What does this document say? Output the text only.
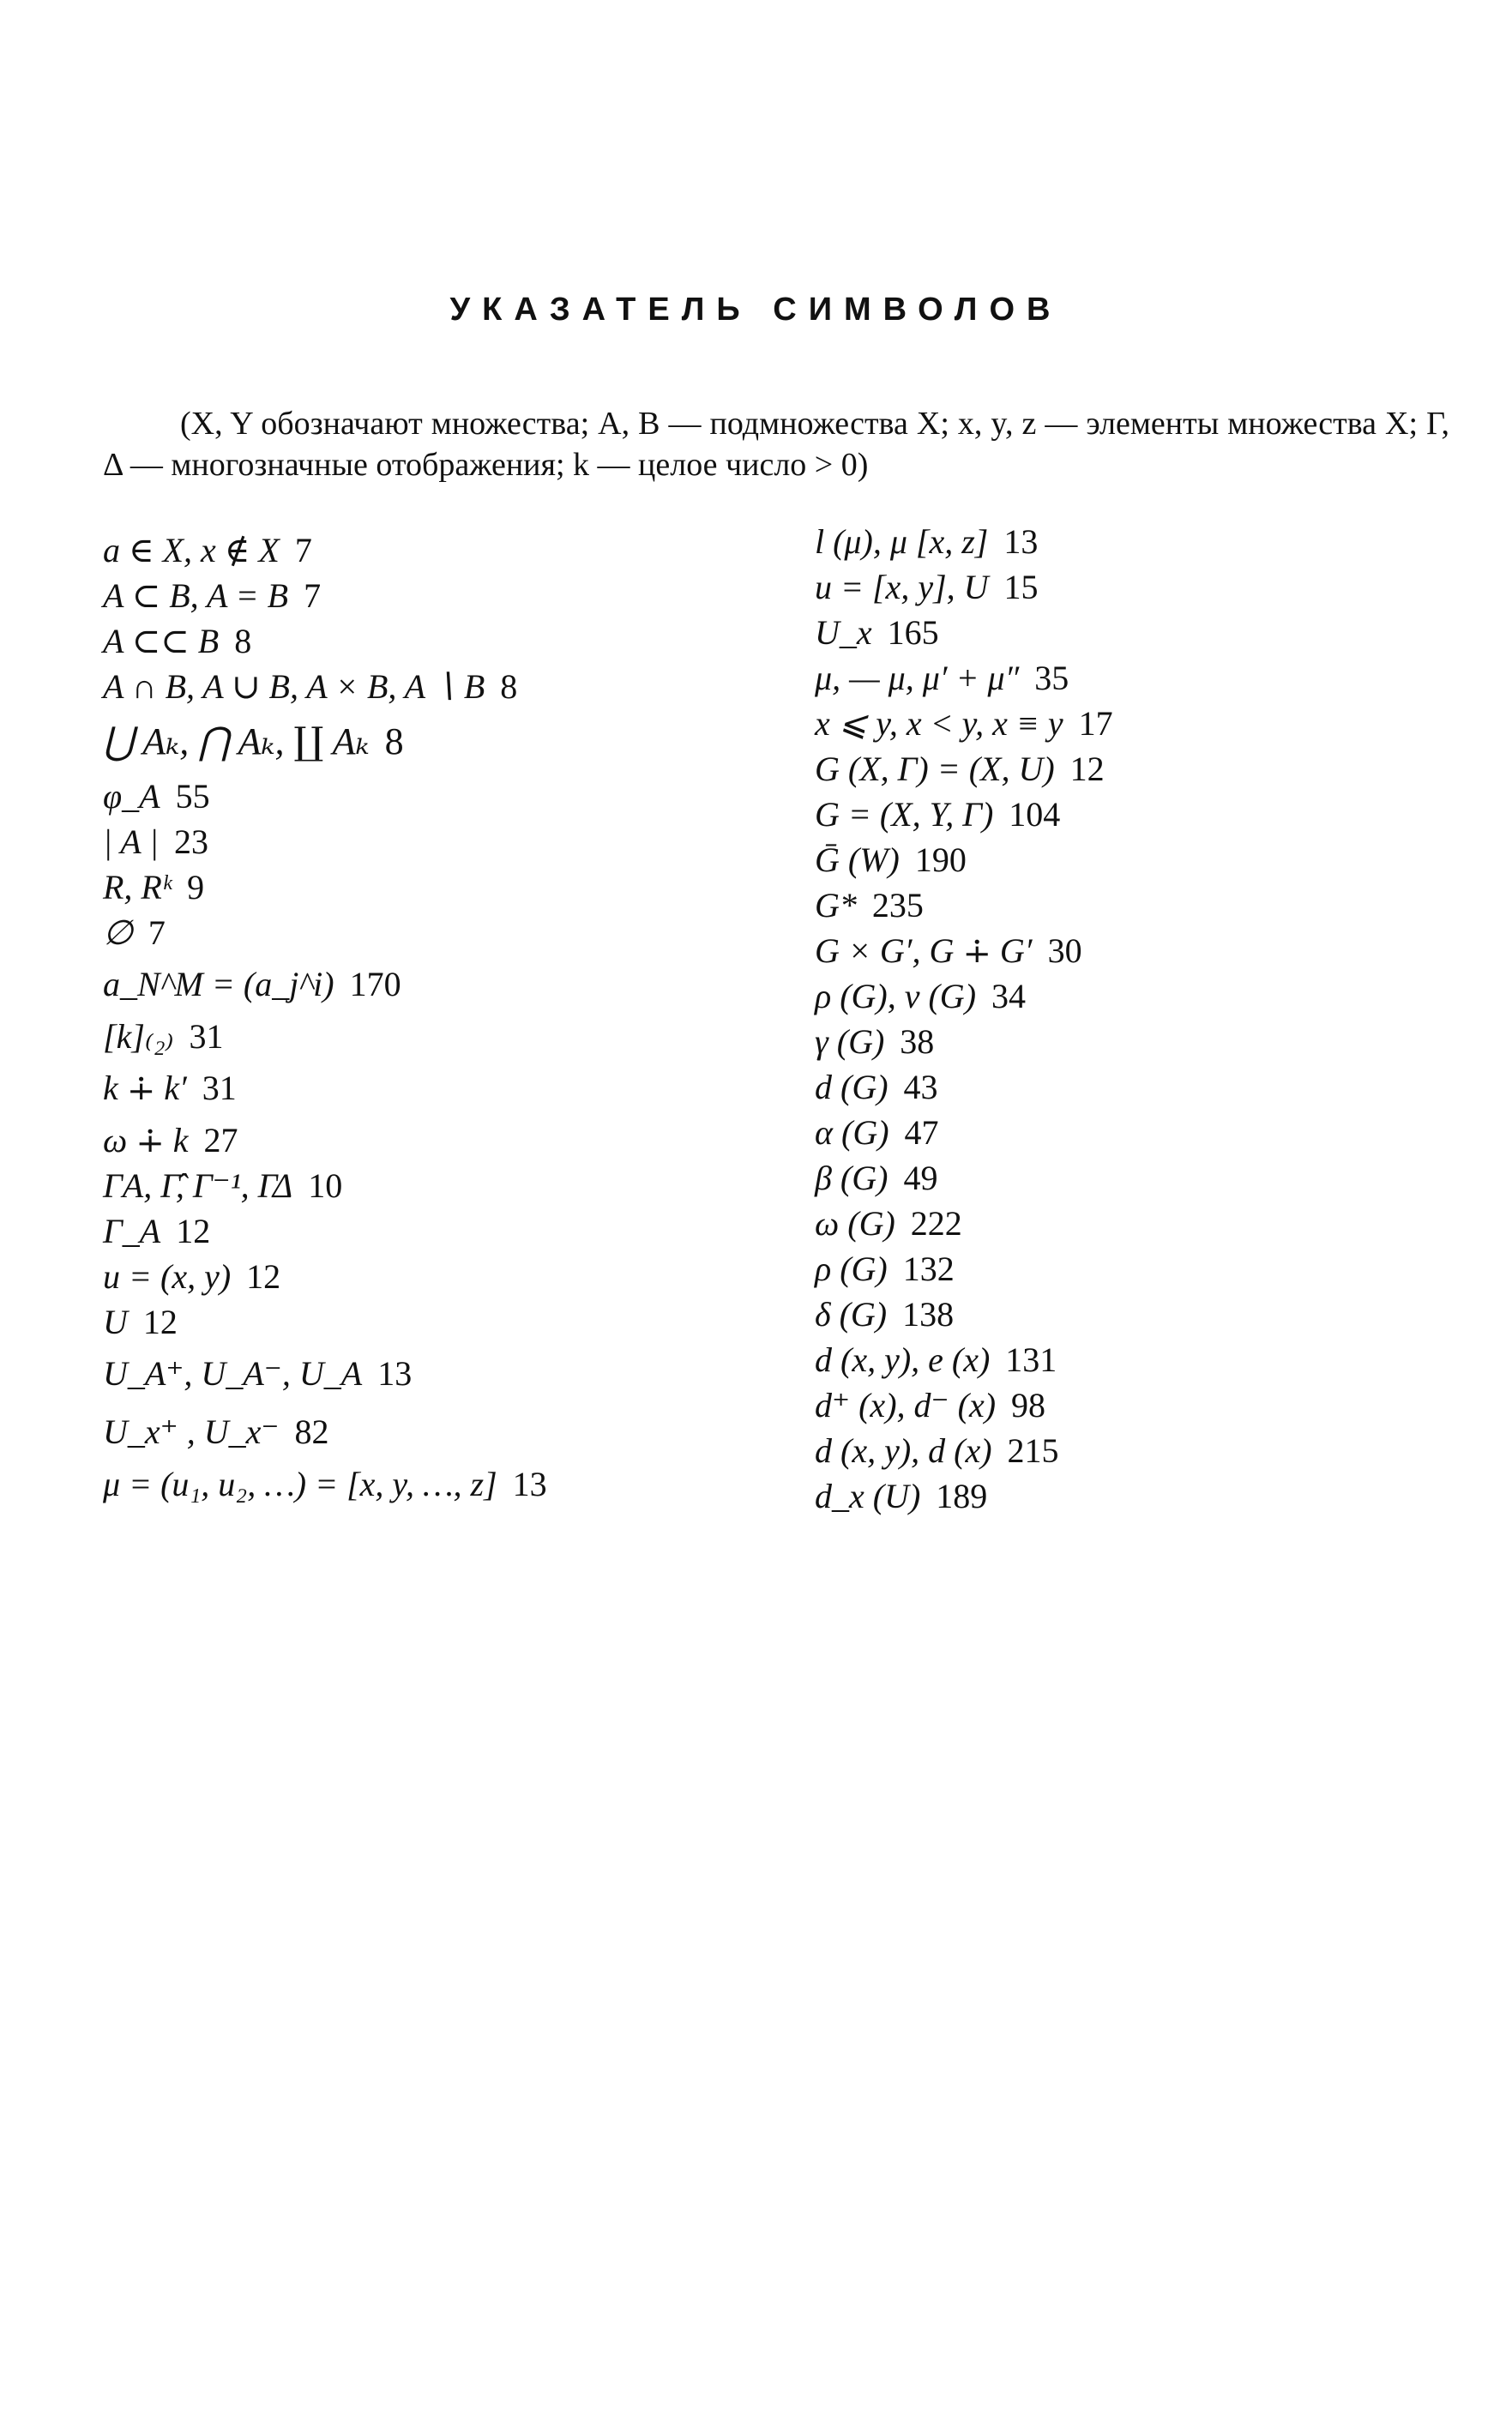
УКАЗАТЕЛЬ СИМВОЛОВ
(X, Y обозначают множества; A, B — подмножества X; x, y, z — элементы множества X; Γ, Δ — многозначные отображения; k — целое число > 0)
a ∈ X, x ∉ X 7
A ⊂ B, A = B 7
A ⊂⊂ B 8
A ∩ B, A ∪ B, A × B, A ∖ B 8
⋃ Aₖ, ⋂ Aₖ, ∐ Aₖ 8
φ_A 55
| A | 23
R, Rᵏ 9
∅ 7
a_N^M = (a_j^i) 170
[k]₍₂₎ 31
k ∔ k′ 31
ω ∔ k 27
ΓA, Γ̂, Γ⁻¹, ΓΔ 10
Γ_A 12
u = (x, y) 12
U 12
U_A⁺, U_A⁻, U_A 13
U_x⁺ , U_x⁻ 82
μ = (u₁, u₂, …) = [x, y, …, z] 13
l (μ), μ [x, z] 13
u = [x, y], U 15
U_x 165
μ, — μ, μ′ + μ″ 35
x ⩽ y, x < y, x ≡ y 17
G (X, Γ) = (X, U) 12
G = (X, Y, Γ) 104
Ḡ (W) 190
G* 235
G × G′, G ∔ G′ 30
ρ (G), ν (G) 34
γ (G) 38
d (G) 43
α (G) 47
β (G) 49
ω (G) 222
ρ (G) 132
δ (G) 138
d (x, y), e (x) 131
d⁺ (x), d⁻ (x) 98
d (x, y), d (x) 215
d_x (U) 189
